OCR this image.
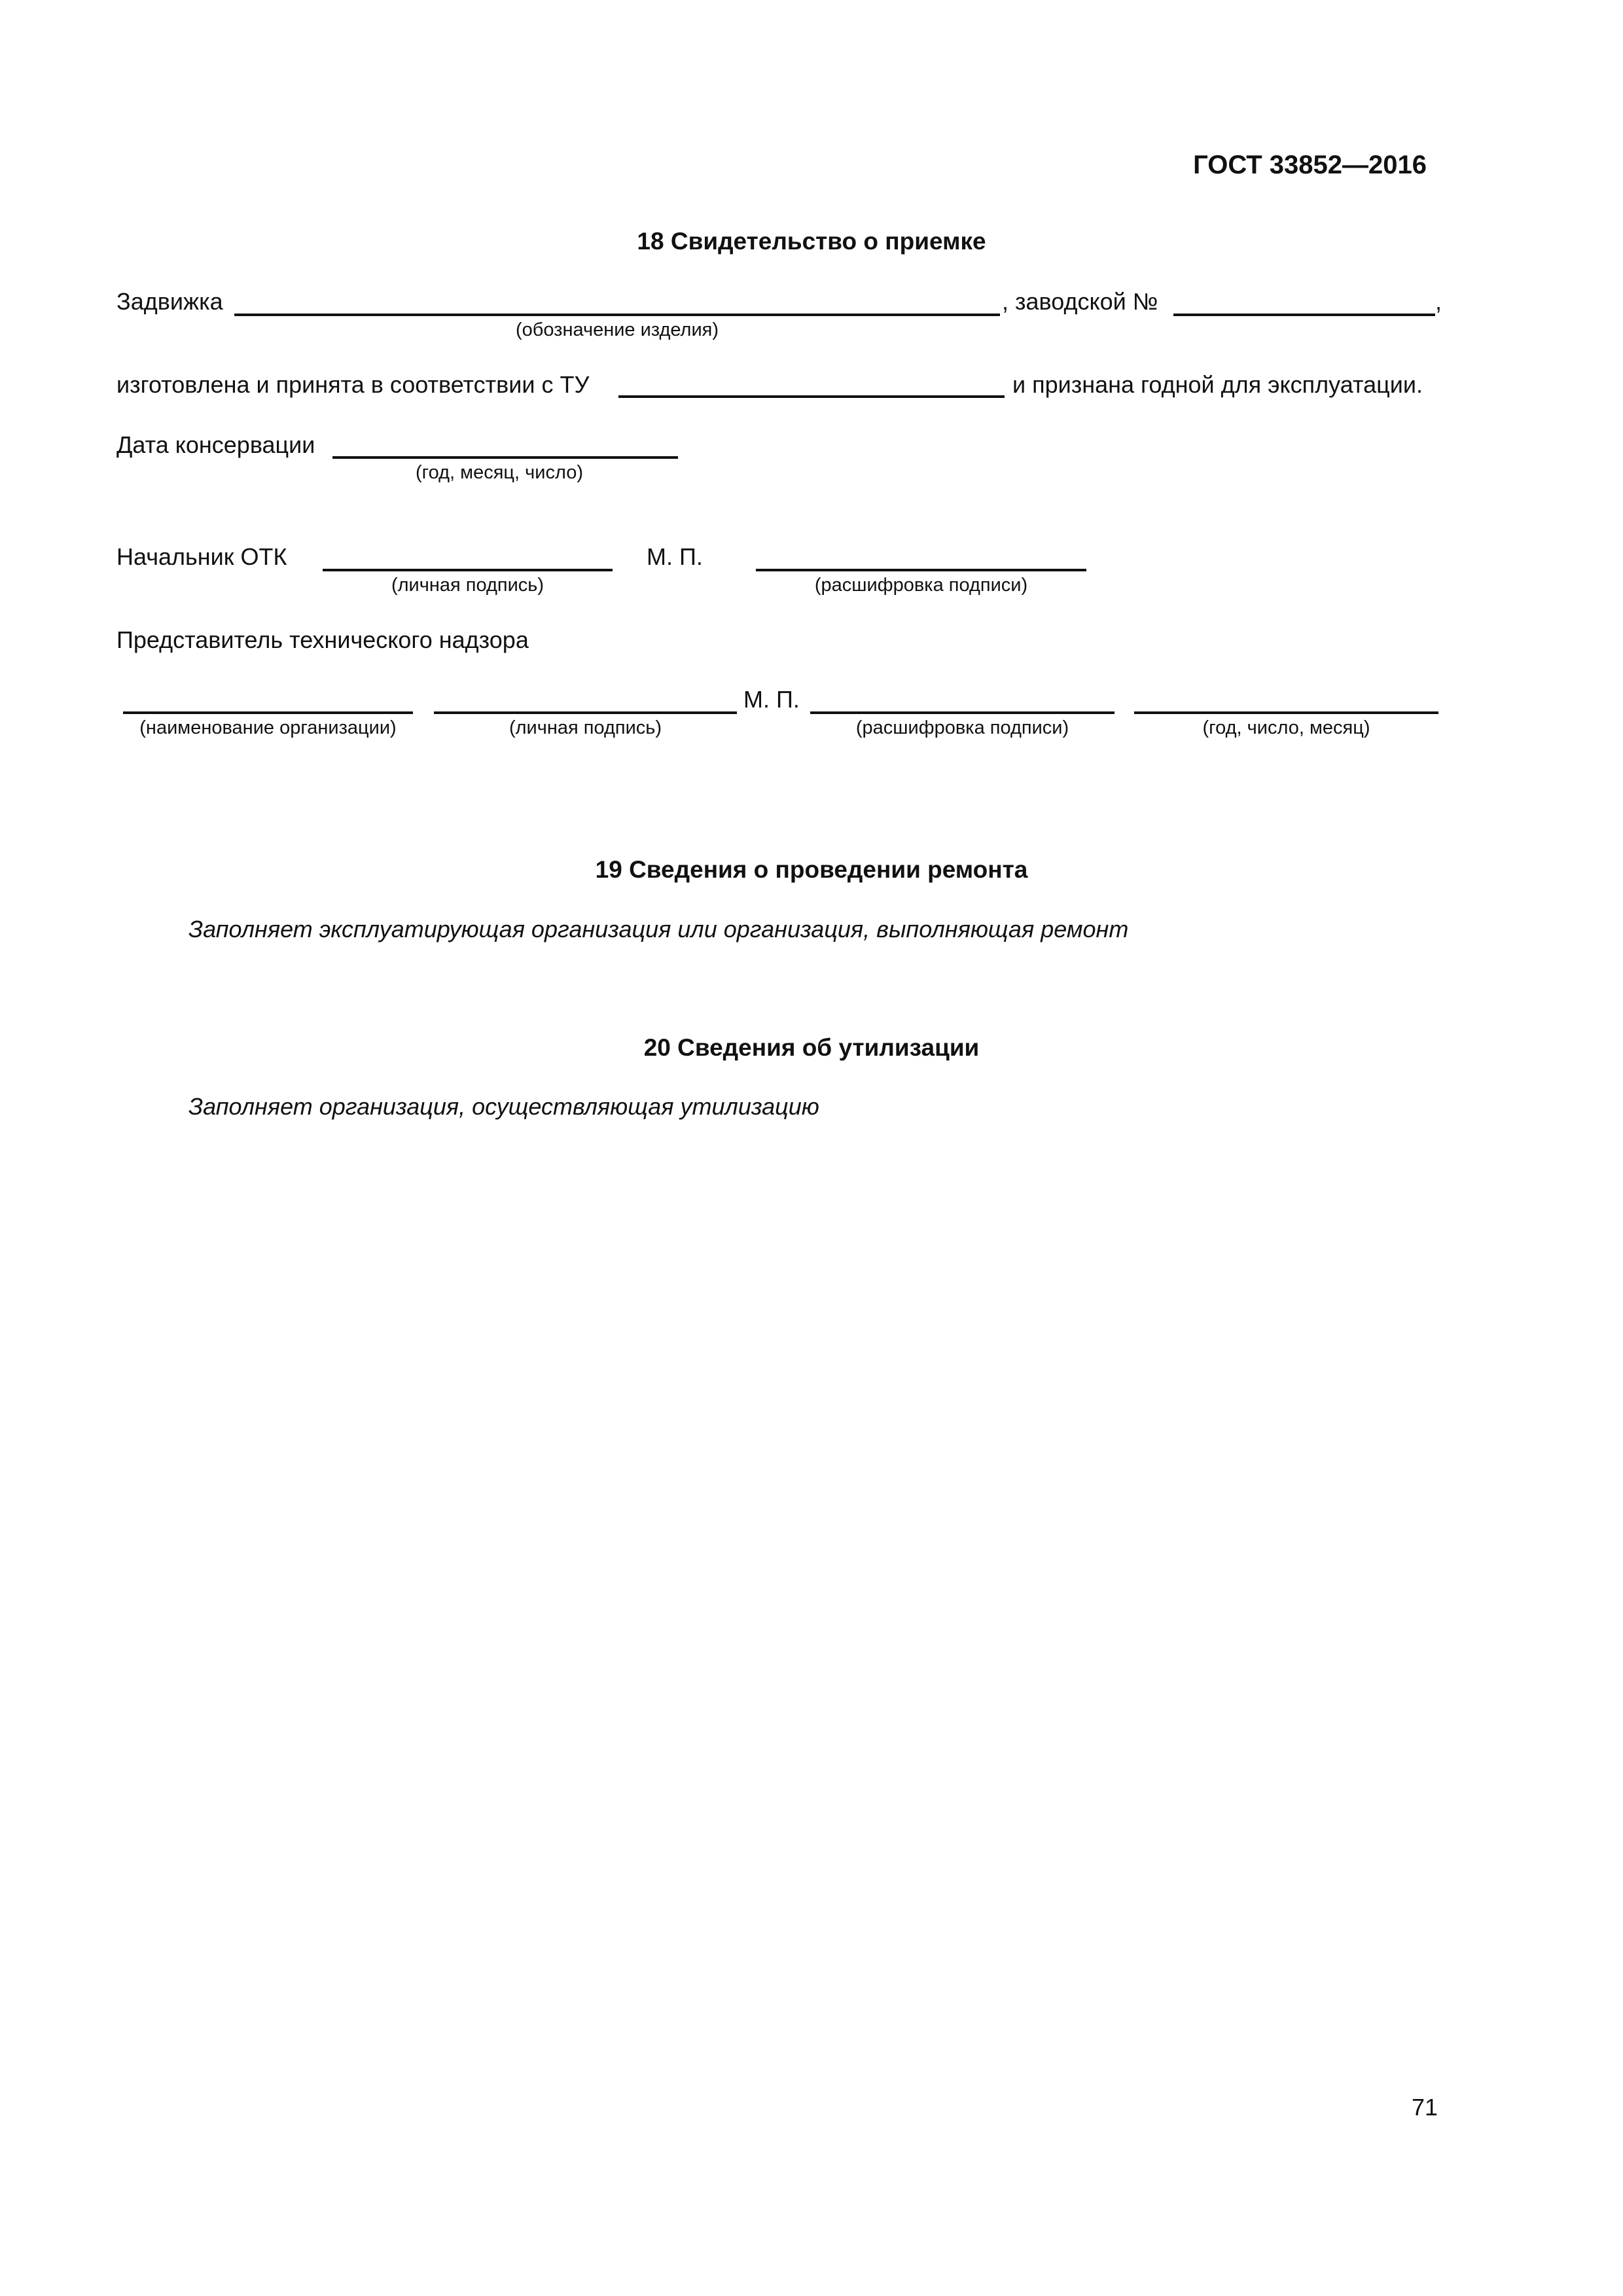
ГОСТ 33852—2016
18 Свидетельство о приемке
Задвижка	, заводской №	,
(обозначение изделия)
изготовлена и принята в соответствии с ТУ	и признана годной для эксплуатации.
Дата консервации
(год, месяц, число)
Начальник ОТК
(личная подпись)
М. П.
(расшифровка подписи)
Представитель технического надзора
(наименование организации)	(личная подпись)
М. П.
(расшифровка подписи)	(год, число, месяц)
19 Сведения о проведении ремонта
Заполняет эксплуатирующая организация или организация, выполняющая ремонт
20 Сведения об утилизации
Заполняет организация, осуществляющая утилизацию
71
